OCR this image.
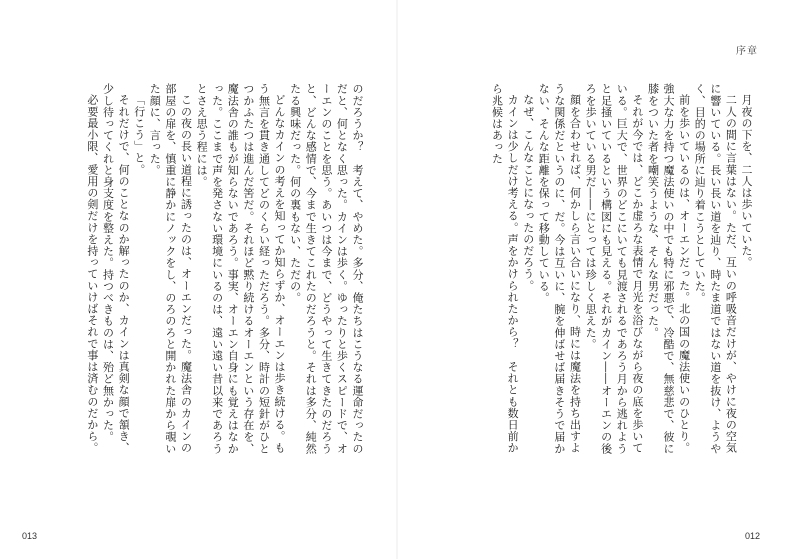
のだろうか？　考えて、やめた。多分、俺たちはこうなる運命だったのだと、何となく思った。カインは歩く。ゆったりと歩くスピードで、オーエンのことを思う。あいつは今まで、どうやって生きてきたのだろうと、どんな感情で、今まで生きてこれたのだろうと。それは多分、純然たる興味だった。何の裏もない、ただの。

どんなカインの考えを知ってか知らずか、オーエンは歩き続ける。もう無言を貫き通してどのくらい経っただろう。多分、時計の短針がひとつかふたつは進んだ筈だ。それほど黙り続けるオーエンという存在を、魔法舎の誰もが知らないであろう。事実、オーエン自身にも覚えはなかった。ここまで声を発さない環境にいるのは、遠い遠い昔以来であろうとさえ思う程には。

この夜の長い道程に誘ったのは、オーエンだった。魔法舎のカインの部屋の扉を、慎重に静かにノックをし、のろのろと開かれた扉から覗いた顔に、言った。

「行こう」と。

それだけで、何のことなのか解ったのか、カインは真剣な顔で頷き、少し待ってくれと身支度を整えた。持つべきものは、殆ど無かった。

必要最小限、愛用の剣だけを持っていけばそれで事は済むのだから。

013
序章

月夜の下を、二人は歩いていた。

二人の間に言葉はない。ただ、互いの呼吸音だけが、やけに夜の空気に響いている。長い長い道を辿り、時たま道ではない道を抜け、ようやく、目的の場所に辿り着こうとしていた。

前を歩いているのは、オーエンだった。北の国の魔法使いのひとり。強大な力を持つ魔法使いの中でも特に邪悪で、冷酷で、無慈悲で、彼に膝をついた者を嘲笑うような、そんな男だった。

それが今では、どこか虚ろな表情で月光を浴びながら夜の底を歩いている。巨大で、世界のどこにいても見渡されるであろう月から逃れようと足掻いているという構図にも見える。それがカイン――オーエンの後ろを歩いている男だ――にとっては珍しく思えた。

顔を合わせれば、何かしら言い合いになり、時には魔法を持ち出すような関係だというのに、だ。今は互いに、腕を伸ばせば届きそうで届かない、そんな距離を保って移動している。

なぜ、こんなことになったのだろう。

カインは少しだけ考える。声をかけられたから？　それとも数日前から兆候はあった

012
